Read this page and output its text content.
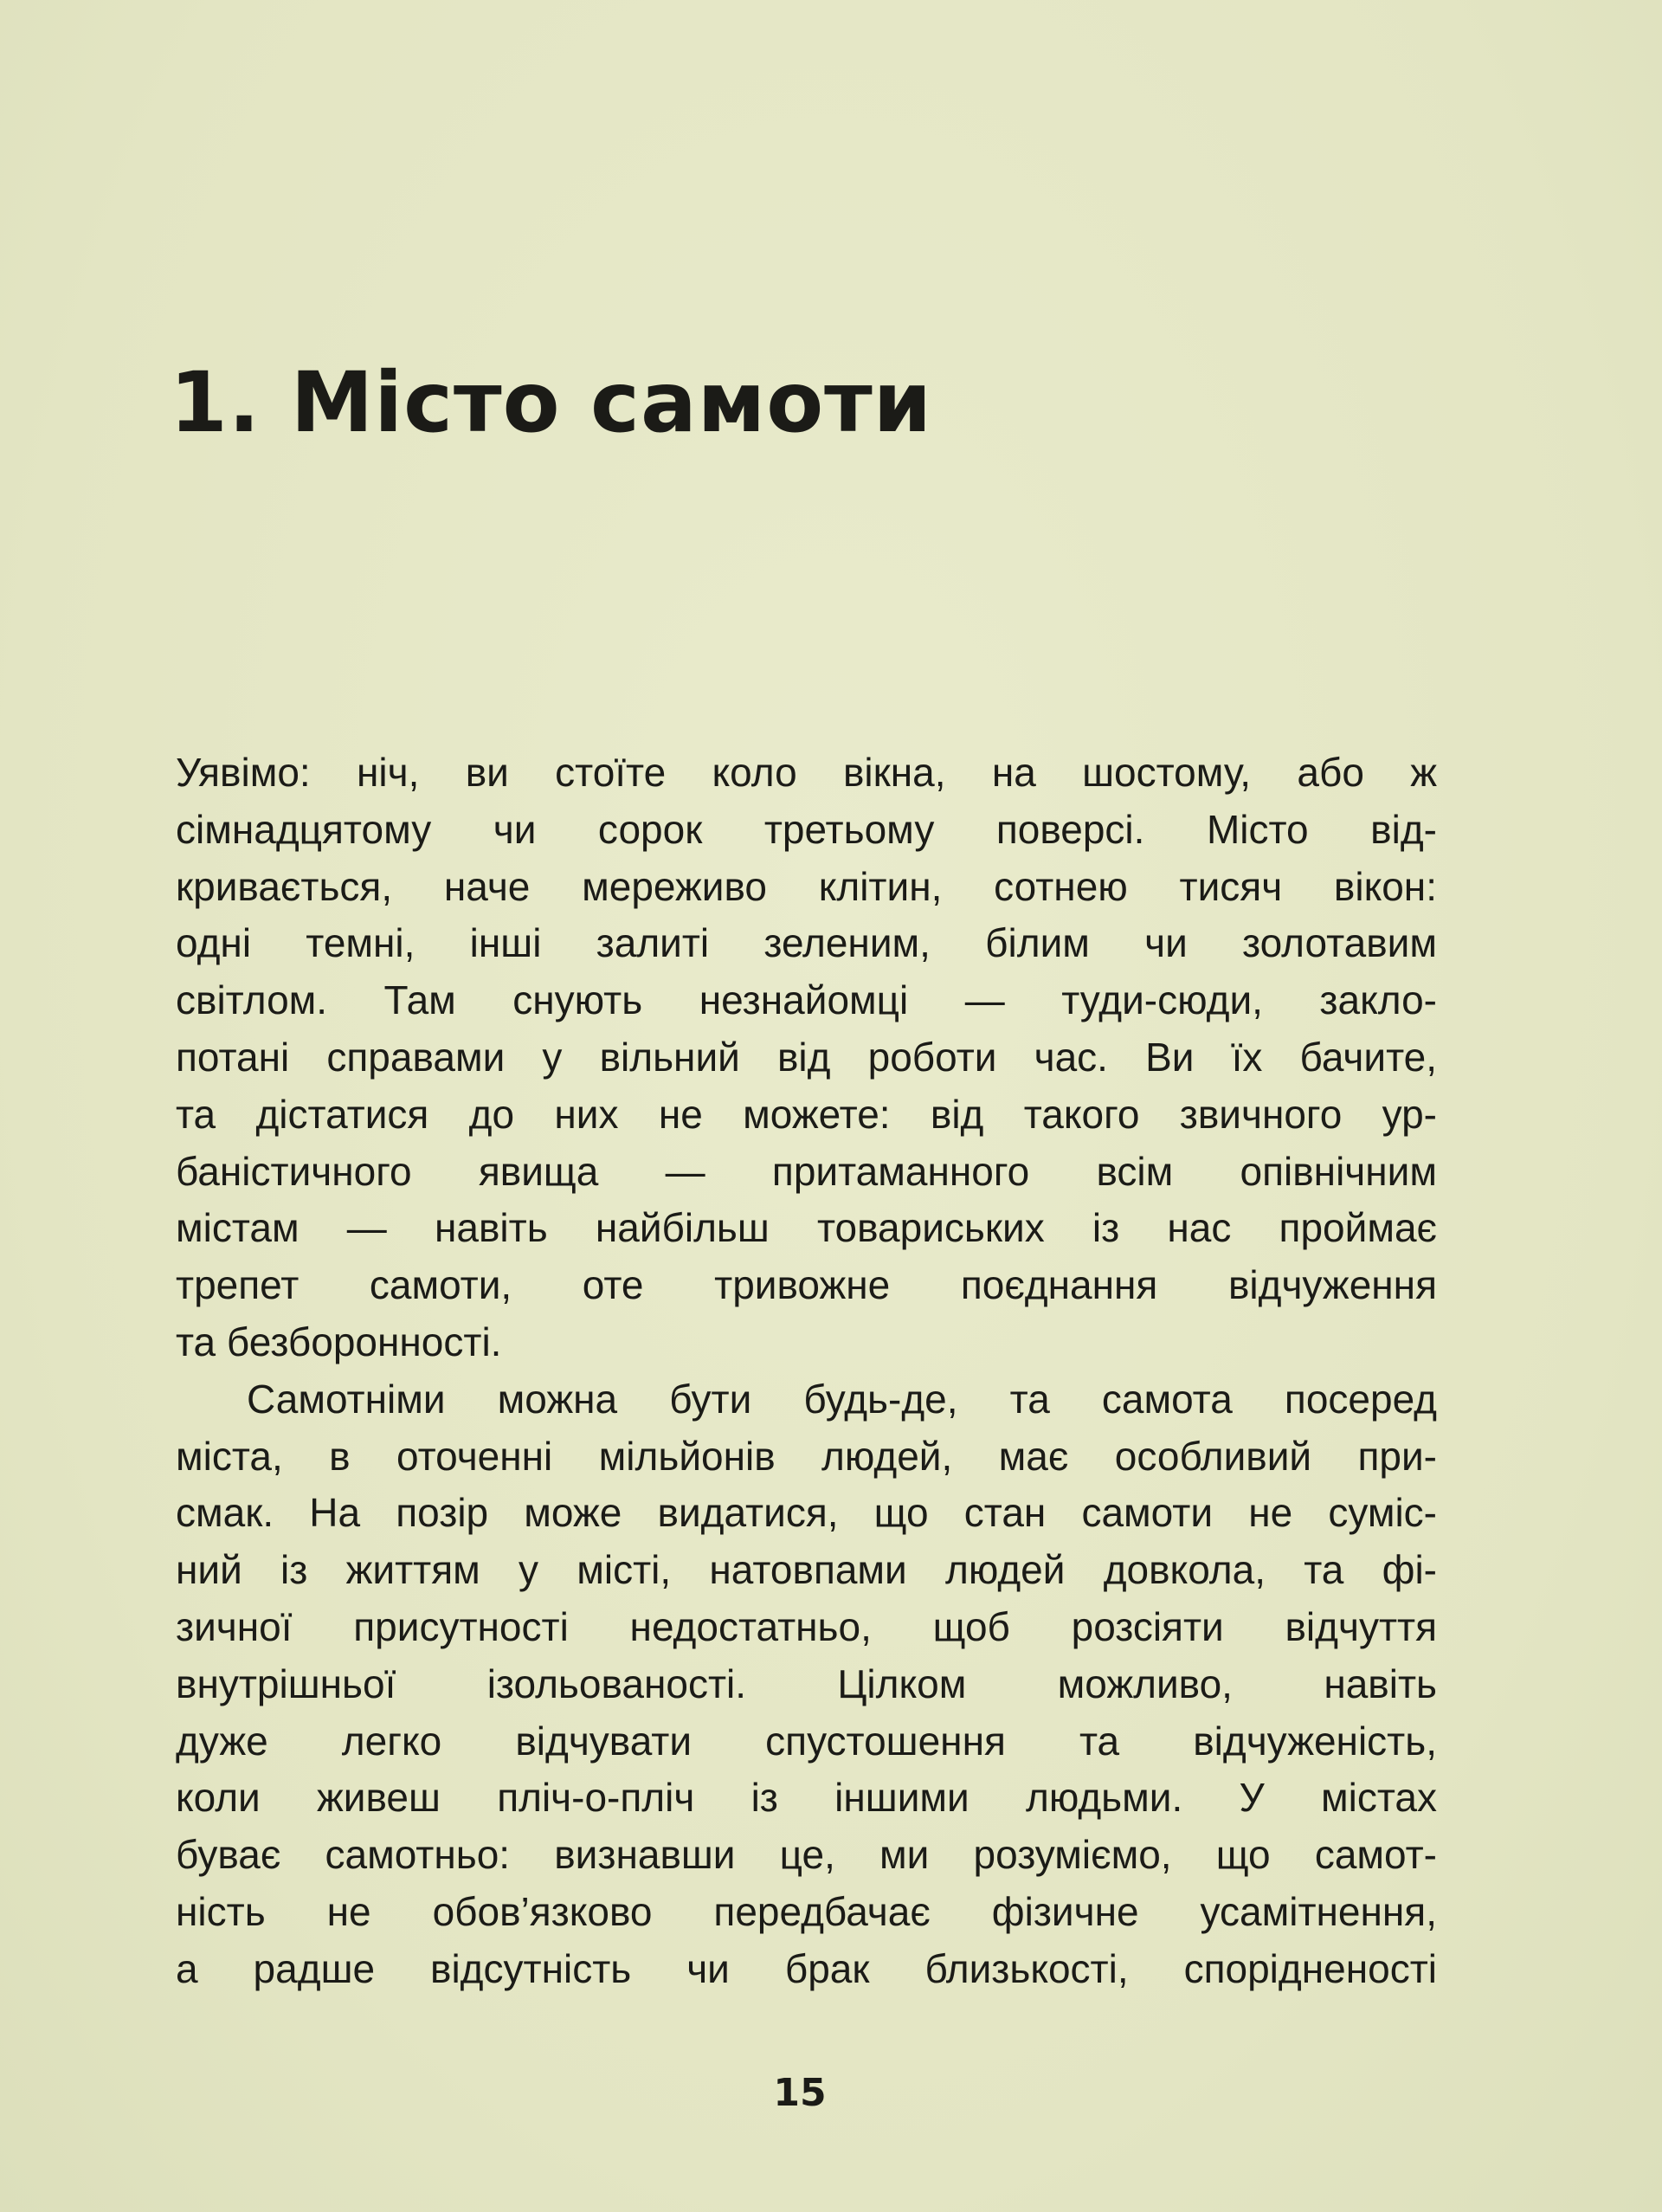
1. Місто самоти
Уявімо: ніч, ви стоїте коло вікна, на шостому, або ж
сімнадцятому чи сорок третьому поверсі. Місто від-
кривається, наче мереживо клітин, сотнею тисяч вікон:
одні темні, інші залиті зеленим, білим чи золотавим
світлом. Там снують незнайомці — туди-сюди, закло-
потані справами у вільний від роботи час. Ви їх бачите,
та дістатися до них не можете: від такого звичного ур-
баністичного явища — притаманного всім опівнічним
містам — навіть найбільш товариських із нас проймає
трепет самоти, оте тривожне поєднання відчуження
та безборонності.
Самотніми можна бути будь-де, та самота посеред
міста, в оточенні мільйонів людей, має особливий при-
смак. На позір може видатися, що стан самоти не суміс-
ний із життям у місті, натовпами людей довкола, та фі-
зичної присутності недостатньо, щоб розсіяти відчуття
внутрішньої ізольованості. Цілком можливо, навіть
дуже легко відчувати спустошення та відчуженість,
коли живеш пліч-о-пліч із іншими людьми. У містах
буває самотньо: визнавши це, ми розуміємо, що самот-
ність не обов’язково передбачає фізичне усамітнення,
а радше відсутність чи брак близькості, спорідненості
15
